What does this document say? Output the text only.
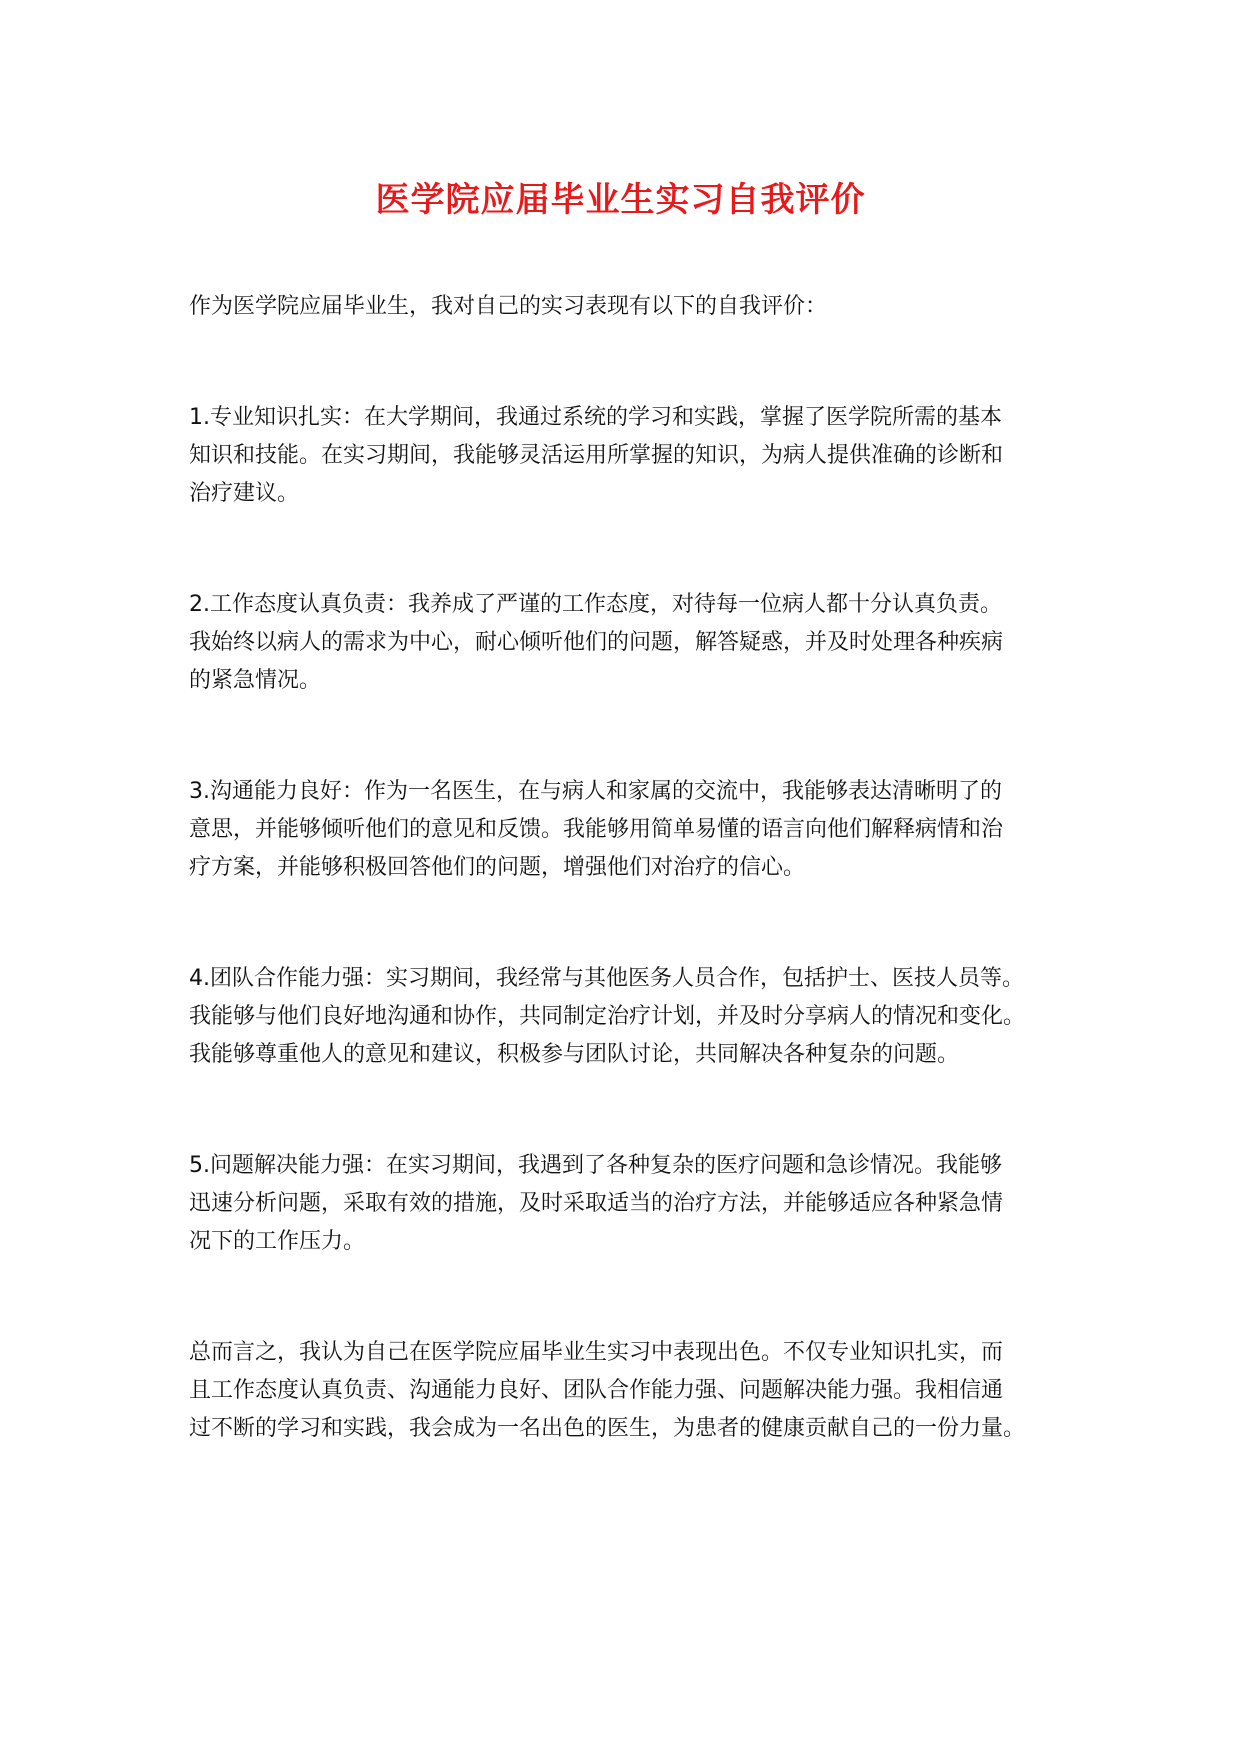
医学院应届毕业生实习自我评价

作为医学院应届毕业生，我对自己的实习表现有以下的自我评价：

1.专业知识扎实：在大学期间，我通过系统的学习和实践，掌握了医学院所需的基本
知识和技能。在实习期间，我能够灵活运用所掌握的知识，为病人提供准确的诊断和
治疗建议。

2.工作态度认真负责：我养成了严谨的工作态度，对待每一位病人都十分认真负责。
我始终以病人的需求为中心，耐心倾听他们的问题，解答疑惑，并及时处理各种疾病
的紧急情况。

3.沟通能力良好：作为一名医生，在与病人和家属的交流中，我能够表达清晰明了的
意思，并能够倾听他们的意见和反馈。我能够用简单易懂的语言向他们解释病情和治
疗方案，并能够积极回答他们的问题，增强他们对治疗的信心。

4.团队合作能力强：实习期间，我经常与其他医务人员合作，包括护士、医技人员等。
我能够与他们良好地沟通和协作，共同制定治疗计划，并及时分享病人的情况和变化。
我能够尊重他人的意见和建议，积极参与团队讨论，共同解决各种复杂的问题。

5.问题解决能力强：在实习期间，我遇到了各种复杂的医疗问题和急诊情况。我能够
迅速分析问题，采取有效的措施，及时采取适当的治疗方法，并能够适应各种紧急情
况下的工作压力。

总而言之，我认为自己在医学院应届毕业生实习中表现出色。不仅专业知识扎实，而
且工作态度认真负责、沟通能力良好、团队合作能力强、问题解决能力强。我相信通
过不断的学习和实践，我会成为一名出色的医生，为患者的健康贡献自己的一份力量。
